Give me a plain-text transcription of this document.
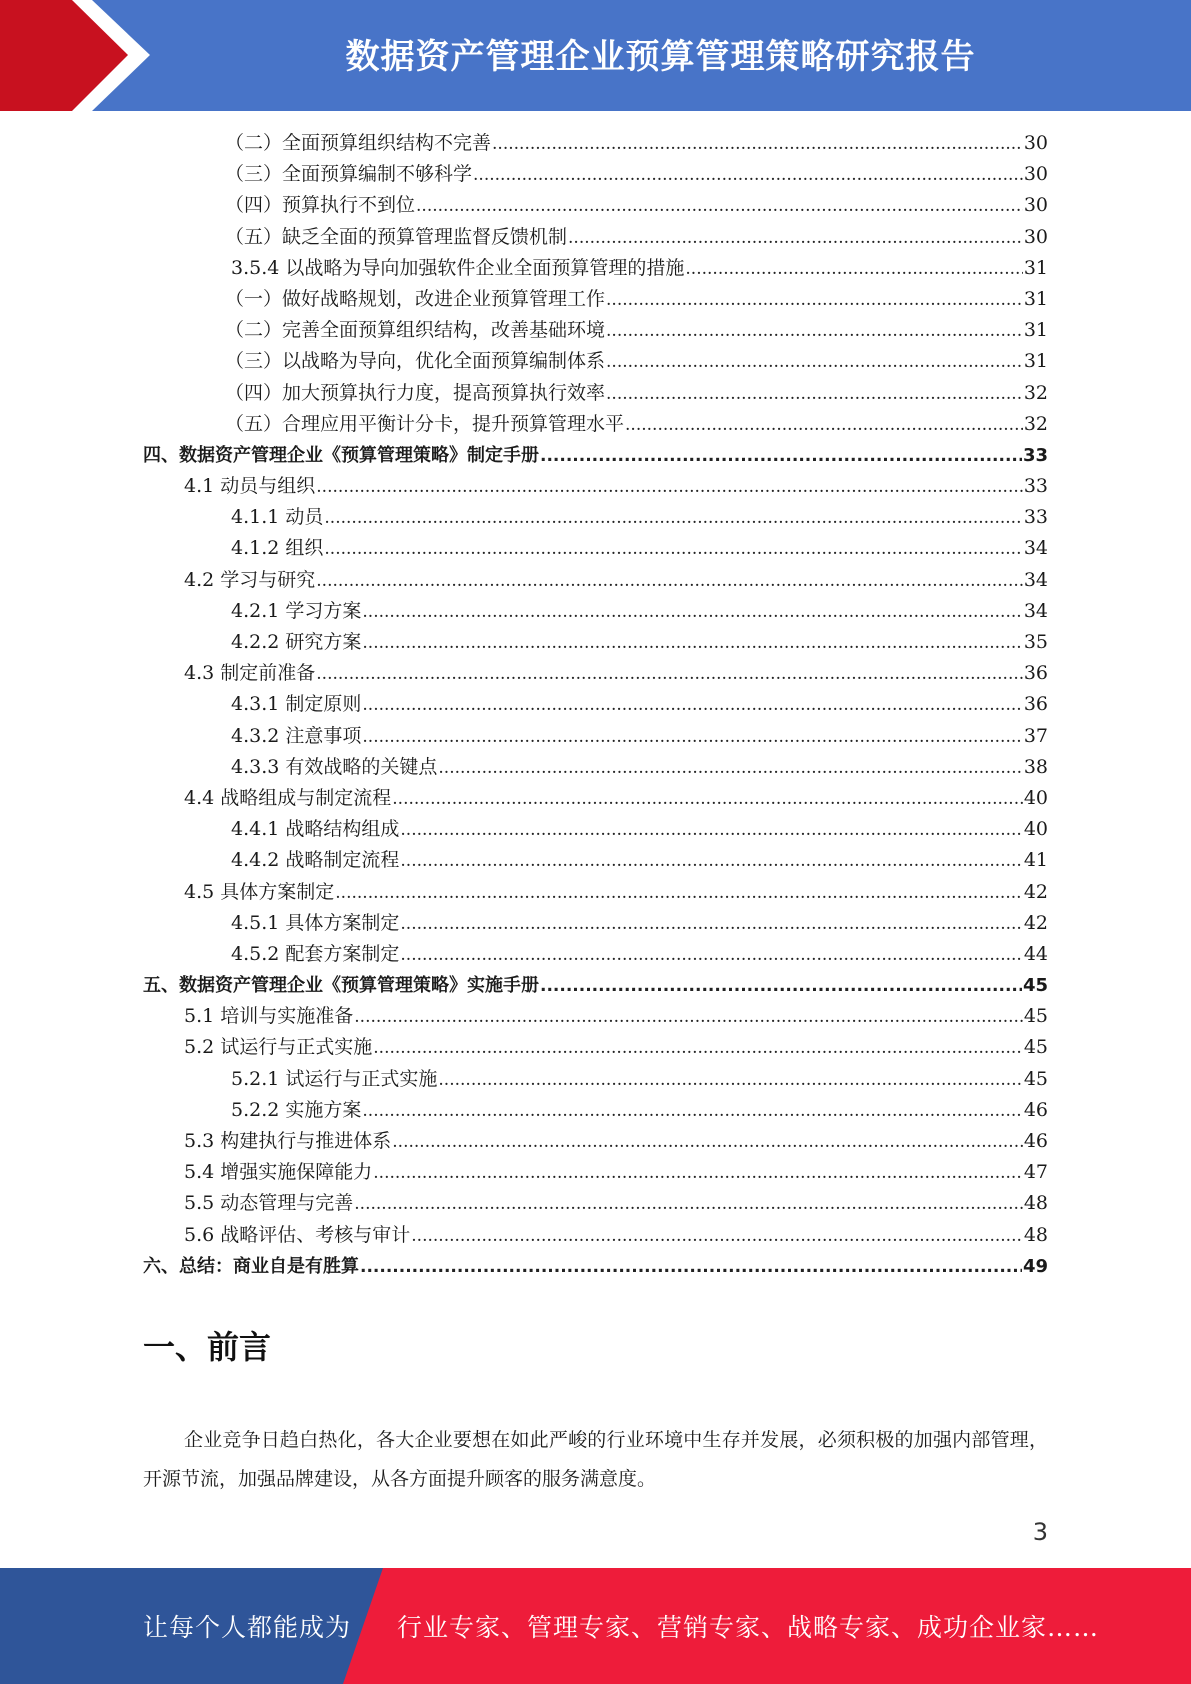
数据资产管理企业预算管理策略研究报告
（二）全面预算组织结构不完善 .....	30
（三）全面预算编制不够科学 .....	30
（四）预算执行不到位 .....	30
（五）缺乏全面的预算管理监督反馈机制 .....	30
3.5.4 以战略为导向加强软件企业全面预算管理的措施 .....	31
（一）做好战略规划，改进企业预算管理工作 .....	31
（二）完善全面预算组织结构，改善基础环境 .....	31
（三）以战略为导向，优化全面预算编制体系 .....	31
（四）加大预算执行力度，提高预算执行效率 .....	32
（五）合理应用平衡计分卡，提升预算管理水平 .....	32
四、数据资产管理企业《预算管理策略》制定手册 .....	33
4.1 动员与组织 .....	33
4.1.1 动员 .....	33
4.1.2 组织 .....	34
4.2 学习与研究 .....	34
4.2.1 学习方案 .....	34
4.2.2 研究方案 .....	35
4.3 制定前准备 .....	36
4.3.1 制定原则 .....	36
4.3.2 注意事项 .....	37
4.3.3 有效战略的关键点 .....	38
4.4 战略组成与制定流程 .....	40
4.4.1 战略结构组成 .....	40
4.4.2 战略制定流程 .....	41
4.5 具体方案制定 .....	42
4.5.1 具体方案制定 .....	42
4.5.2 配套方案制定 .....	44
五、数据资产管理企业《预算管理策略》实施手册 .....	45
5.1 培训与实施准备 .....	45
5.2 试运行与正式实施 .....	45
5.2.1 试运行与正式实施 .....	45
5.2.2 实施方案 .....	46
5.3 构建执行与推进体系 .....	46
5.4 增强实施保障能力 .....	47
5.5 动态管理与完善 .....	48
5.6 战略评估、考核与审计 .....	48
六、总结：商业自是有胜算 .....	49
一、前言

企业竞争日趋白热化，各大企业要想在如此严峻的行业环境中生存并发展，必须积极的加强内部管理，开源节流，加强品牌建设，从各方面提升顾客的服务满意度。

3
让每个人都能成为 行业专家、管理专家、营销专家、战略专家、成功企业家……
